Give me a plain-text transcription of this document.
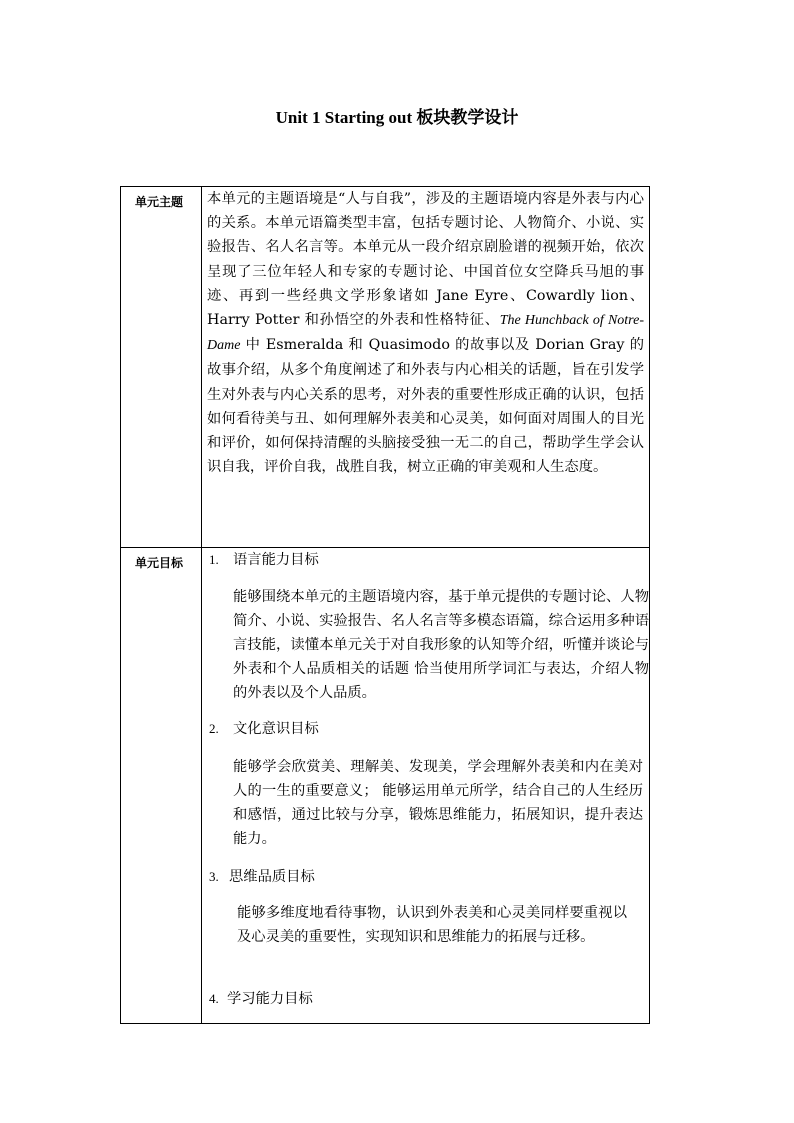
Unit 1 Starting out 板块教学设计
单元主题 本单元的主题语境是“人与自我”，涉及的主题语境内容是外表与内心的关系。本单元语篇类型丰富，包括专题讨论、人物简介、小说、实验报告、名人名言等。本单元从一段介绍京剧脸谱的视频开始，依次呈现了三位年轻人和专家的专题讨论、中国首位女空降兵马旭的事迹、再到一些经典文学形象诸如 Jane Eyre、Cowardly lion、Harry Potter 和孙悟空的外表和性格特征、The Hunchback of Notre-Dame 中 Esmeralda 和 Quasimodo 的故事以及 Dorian Gray 的故事介绍，从多个角度阐述了和外表与内心相关的话题，旨在引发学生对外表与内心关系的思考，对外表的重要性形成正确的认识，包括如何看待美与丑、如何理解外表美和心灵美，如何面对周围人的目光和评价，如何保持清醒的头脑接受独一无二的自己，帮助学生学会认识自我，评价自我，战胜自我，树立正确的审美观和人生态度。

单元目标 1. 语言能力目标

能够围绕本单元的主题语境内容，基于单元提供的专题讨论、人物简介、小说、实验报告、名人名言等多模态语篇，综合运用多种语言技能，读懂本单元关于对自我形象的认知等介绍，听懂并谈论与外表和个人品质相关的话题 恰当使用所学词汇与表达，介绍人物的外表以及个人品质。

2. 文化意识目标

能够学会欣赏美、理解美、发现美，学会理解外表美和内在美对人的一生的重要意义； 能够运用单元所学，结合自己的人生经历和感悟，通过比较与分享，锻炼思维能力，拓展知识，提升表达能力。

3. 思维品质目标

能够多维度地看待事物，认识到外表美和心灵美同样要重视以及心灵美的重要性，实现知识和思维能力的拓展与迁移。

4. 学习能力目标
